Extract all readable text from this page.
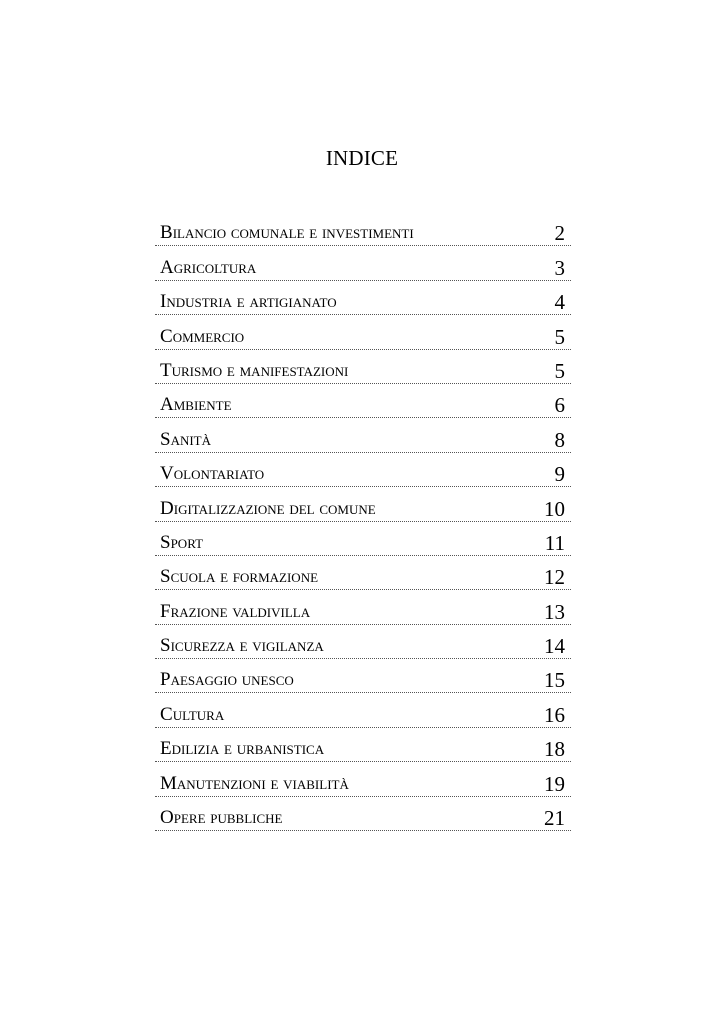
INDICE
Bilancio comunale e investimenti	2
Agricoltura	3
Industria e artigianato	4
Commercio	5
Turismo e manifestazioni	5
Ambiente	6
Sanità	8
Volontariato	9
Digitalizzazione del comune	10
Sport	11
Scuola e formazione	12
Frazione valdivilla	13
Sicurezza e vigilanza	14
Paesaggio unesco	15
Cultura	16
Edilizia e urbanistica	18
Manutenzioni e viabilità	19
Opere pubbliche	21
